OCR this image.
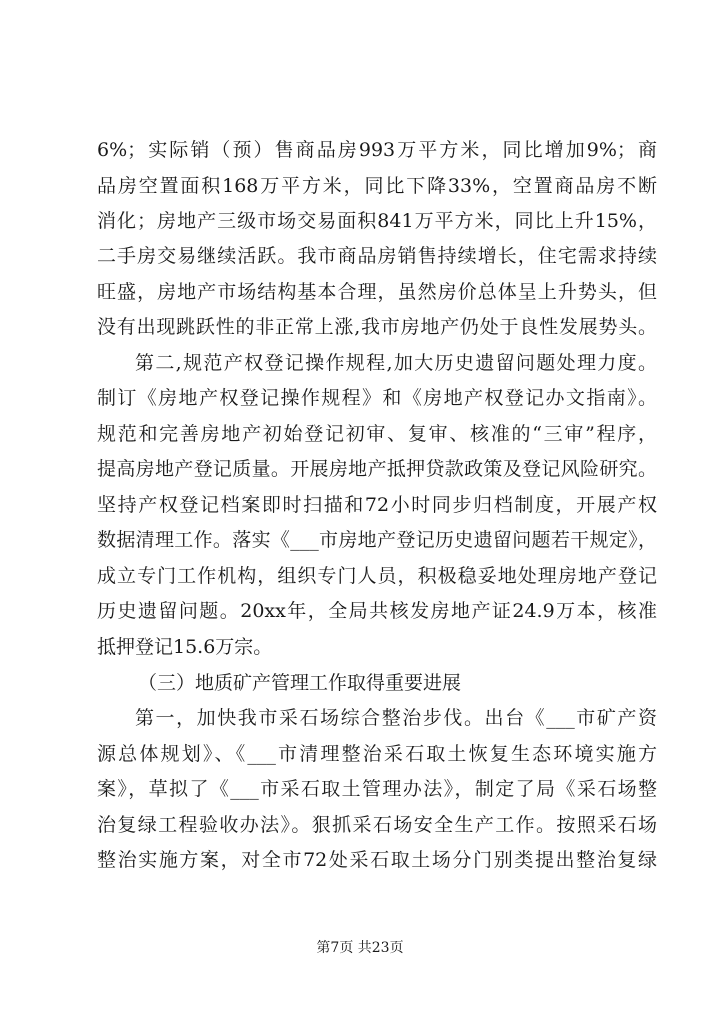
6%；实际销（预）售商品房993万平方米，同比增加9%；商
品房空置面积168万平方米，同比下降33%，空置商品房不断
消化；房地产三级市场交易面积841万平方米，同比上升15%，
二手房交易继续活跃。我市商品房销售持续增长，住宅需求持续
旺盛，房地产市场结构基本合理，虽然房价总体呈上升势头，但
没有出现跳跃性的非正常上涨,我市房地产仍处于良性发展势头。
第二,规范产权登记操作规程,加大历史遗留问题处理力度。
制订《房地产权登记操作规程》和《房地产权登记办文指南》。
规范和完善房地产初始登记初审、复审、核准的“三审”程序，
提高房地产登记质量。开展房地产抵押贷款政策及登记风险研究。
坚持产权登记档案即时扫描和72小时同步归档制度，开展产权
数据清理工作。落实《___市房地产登记历史遗留问题若干规定》，
成立专门工作机构，组织专门人员，积极稳妥地处理房地产登记
历史遗留问题。20xx年，全局共核发房地产证24.9万本，核准
抵押登记15.6万宗。
（三）地质矿产管理工作取得重要进展
第一，加快我市采石场综合整治步伐。出台《___市矿产资
源总体规划》、《___市清理整治采石取土恢复生态环境实施方
案》，草拟了《___市采石取土管理办法》，制定了局《采石场整
治复绿工程验收办法》。狠抓采石场安全生产工作。按照采石场
整治实施方案，对全市72处采石取土场分门别类提出整治复绿
第7页 共23页
